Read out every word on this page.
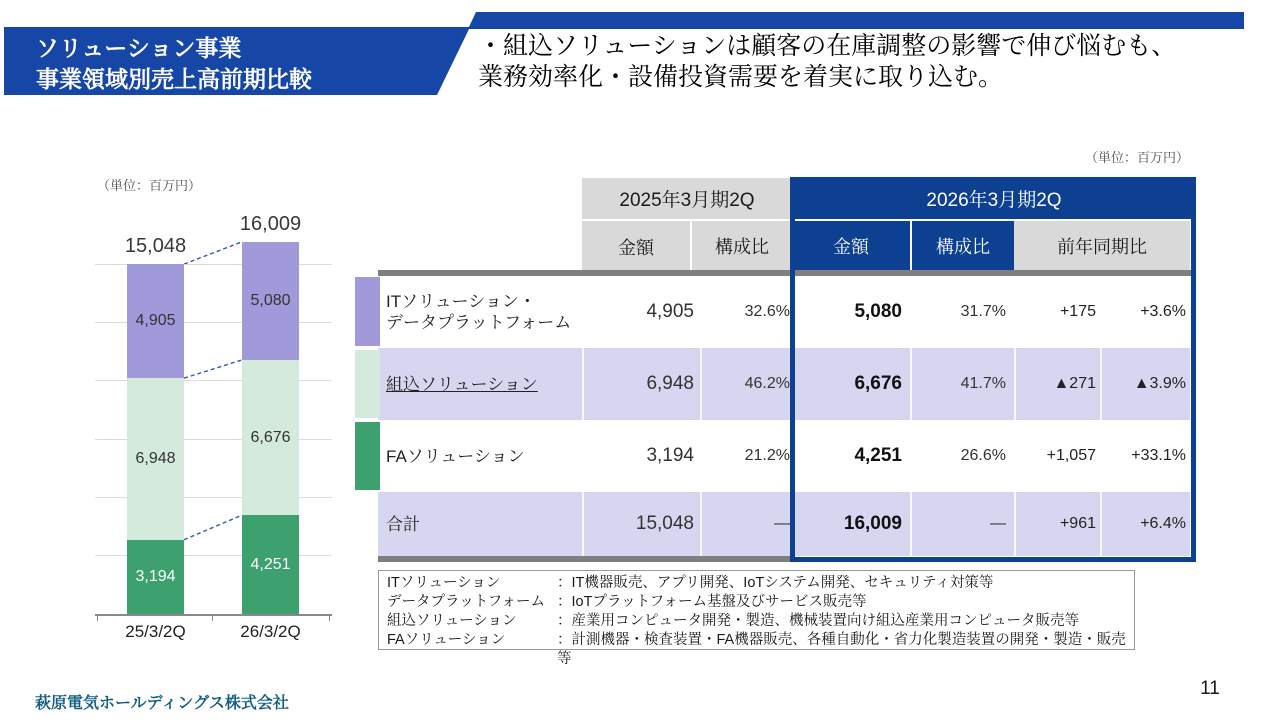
ソリューション事業
事業領域別売上高前期比較
・組込ソリューションは顧客の在庫調整の影響で伸び悩むも、
業務効率化・設備投資需要を着実に取り込む。
（単位：百万円）
3,194
6,948
4,905
15,048
25/3/2Q
4,251
6,676
5,080
16,009
26/3/2Q
（単位：百万円）
2025年3月期2Q	2026年3月期2Q
金額	構成比	金額	構成比	前年同期比
ITソリューション・
データプラットフォーム
4,905	32.6%	5,080	31.7%	+175	+3.6%
組込ソリューション	6,948	46.2%	6,676	41.7%	▲271	▲3.9%
FAソリューション	3,194	21.2%	4,251	26.6%	+1,057	+33.1%
合計	15,048	—	16,009	—	+961	+6.4%
ITソリューション	：IT機器販売、アプリ開発、IoTシステム開発、セキュリティ対策等
データプラットフォーム ：IoTプラットフォーム基盤及びサービス販売等
組込ソリューション	：産業用コンピュータ開発・製造、機械装置向け組込産業用コンピュータ販売等
FAソリューション	：計測機器・検査装置・FA機器販売、各種自動化・省力化製造装置の開発・製造・販売等
萩原電気ホールディングス株式会社
11
